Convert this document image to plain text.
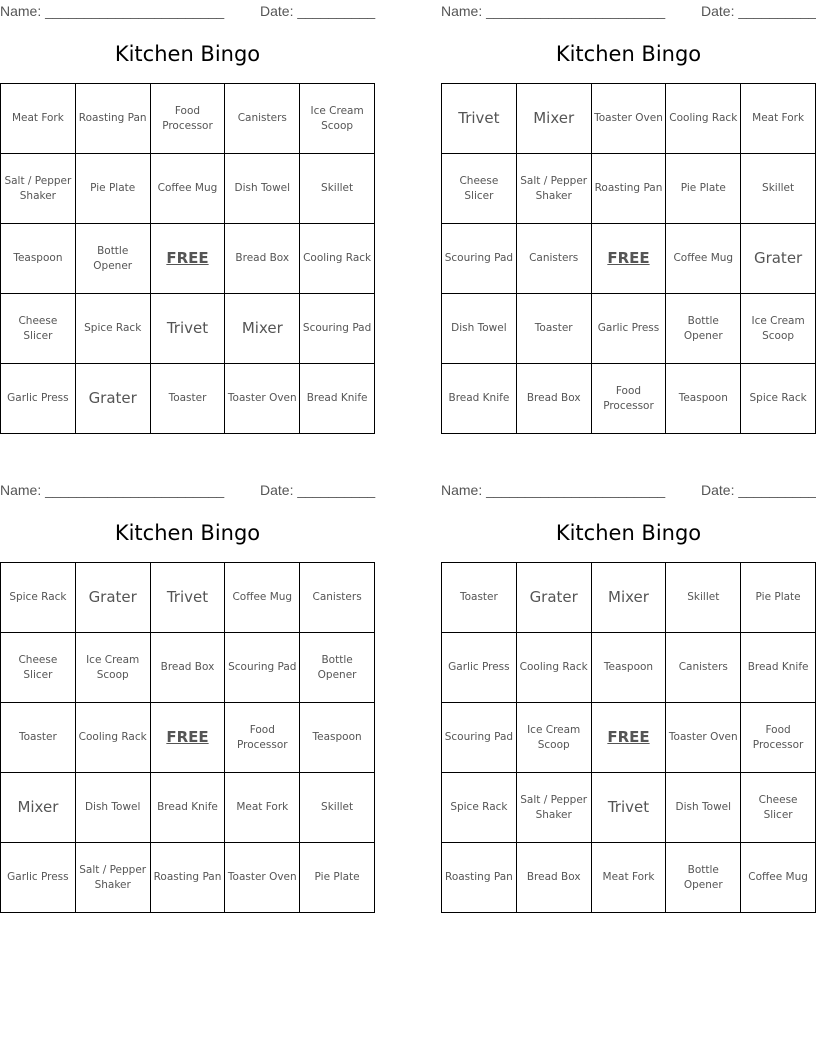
Name: _______________________	Date: __________
Kitchen Bingo
Meat Fork	Roasting Pan	Food Processor	Canisters	Ice Cream Scoop
Salt / Pepper Shaker	Pie Plate	Coffee Mug	Dish Towel	Skillet
Teaspoon	Bottle Opener	FREE	Bread Box	Cooling Rack
Cheese Slicer	Spice Rack	Trivet	Mixer	Scouring Pad
Garlic Press	Grater	Toaster	Toaster Oven	Bread Knife
Name: _______________________	Date: __________
Kitchen Bingo
Trivet	Mixer	Toaster Oven	Cooling Rack	Meat Fork
Cheese Slicer	Salt / Pepper Shaker	Roasting Pan	Pie Plate	Skillet
Scouring Pad	Canisters	FREE	Coffee Mug	Grater
Dish Towel	Toaster	Garlic Press	Bottle Opener	Ice Cream Scoop
Bread Knife	Bread Box	Food Processor	Teaspoon	Spice Rack
Name: _______________________	Date: __________
Kitchen Bingo
Spice Rack	Grater	Trivet	Coffee Mug	Canisters
Cheese Slicer	Ice Cream Scoop	Bread Box	Scouring Pad	Bottle Opener
Toaster	Cooling Rack	FREE	Food Processor	Teaspoon
Mixer	Dish Towel	Bread Knife	Meat Fork	Skillet
Garlic Press	Salt / Pepper Shaker	Roasting Pan	Toaster Oven	Pie Plate
Name: _______________________	Date: __________
Kitchen Bingo
Toaster	Grater	Mixer	Skillet	Pie Plate
Garlic Press	Cooling Rack	Teaspoon	Canisters	Bread Knife
Scouring Pad	Ice Cream Scoop	FREE	Toaster Oven	Food Processor
Spice Rack	Salt / Pepper Shaker	Trivet	Dish Towel	Cheese Slicer
Roasting Pan	Bread Box	Meat Fork	Bottle Opener	Coffee Mug
